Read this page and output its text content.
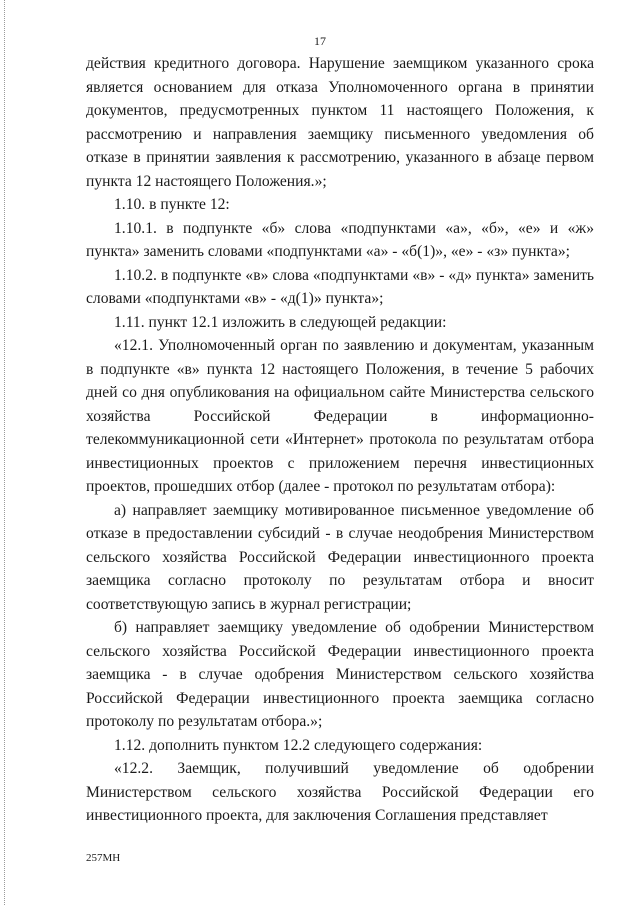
17

действия кредитного договора. Нарушение заемщиком указанного срока является основанием для отказа Уполномоченного органа в принятии документов, предусмотренных пунктом 11 настоящего Положения, к рассмотрению и направления заемщику письменного уведомления об отказе в принятии заявления к рассмотрению, указанного в абзаце первом пункта 12 настоящего Положения.»;

1.10. в пункте 12:

1.10.1. в подпункте «б» слова «подпунктами «а», «б», «е» и «ж» пункта» заменить словами «подпунктами «а» - «б(1)», «е» - «з» пункта»;

1.10.2. в подпункте «в» слова «подпунктами «в» - «д» пункта» заменить словами «подпунктами «в» - «д(1)» пункта»;

1.11. пункт 12.1 изложить в следующей редакции:

«12.1. Уполномоченный орган по заявлению и документам, указанным в подпункте «в» пункта 12 настоящего Положения, в течение 5 рабочих дней со дня опубликования на официальном сайте Министерства сельского хозяйства Российской Федерации в информационно-телекоммуникационной сети «Интернет» протокола по результатам отбора инвестиционных проектов с приложением перечня инвестиционных проектов, прошедших отбор (далее - протокол по результатам отбора):

а) направляет заемщику мотивированное письменное уведомление об отказе в предоставлении субсидий - в случае неодобрения Министерством сельского хозяйства Российской Федерации инвестиционного проекта заемщика согласно протоколу по результатам отбора и вносит соответствующую запись в журнал регистрации;

б) направляет заемщику уведомление об одобрении Министерством сельского хозяйства Российской Федерации инвестиционного проекта заемщика - в случае одобрения Министерством сельского хозяйства Российской Федерации инвестиционного проекта заемщика согласно протоколу по результатам отбора.»;

1.12. дополнить пунктом 12.2 следующего содержания:

«12.2. Заемщик, получивший уведомление об одобрении Министерством сельского хозяйства Российской Федерации его инвестиционного проекта, для заключения Соглашения представляет

257МН
